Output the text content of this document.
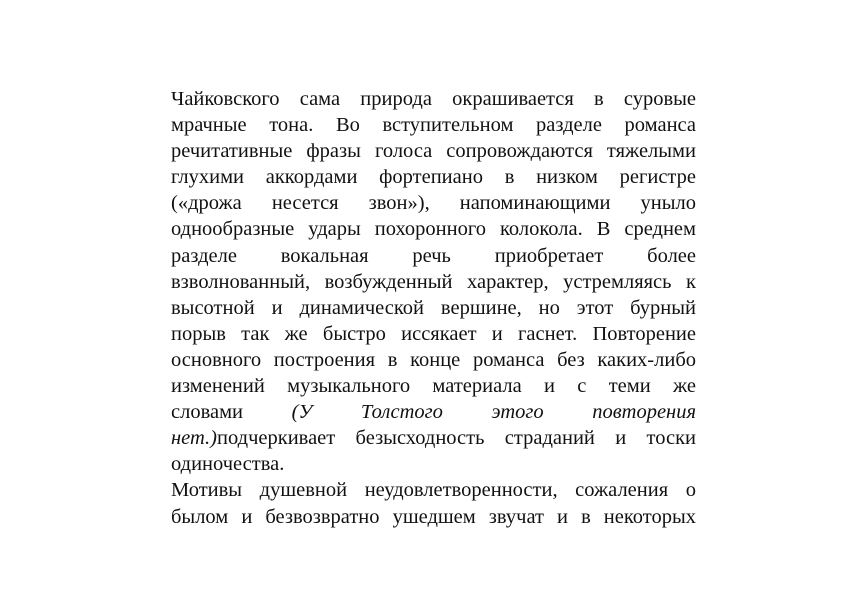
Чайковского сама природа окрашивается в суровые
мрачные тона. Во вступительном разделе романса
речитативные фразы голоса сопровождаются тяжелыми
глухими аккордами фортепиано в низком регистре
(«дрожа несется звон»), напоминающими уныло
однообразные удары похоронного колокола. В среднем
разделе вокальная речь приобретает более
взволнованный, возбужденный характер, устремляясь к
высотной и динамической вершине, но этот бурный
порыв так же быстро иссякает и гаснет. Повторение
основного построения в конце романса без каких-либо
изменений музыкального материала и с теми же
словами (У Толстого этого повторения
нет.)подчеркивает безысходность страданий и тоски
одиночества.
Мотивы душевной неудовлетворенности, сожаления о
былом и безвозвратно ушедшем звучат и в некоторых
